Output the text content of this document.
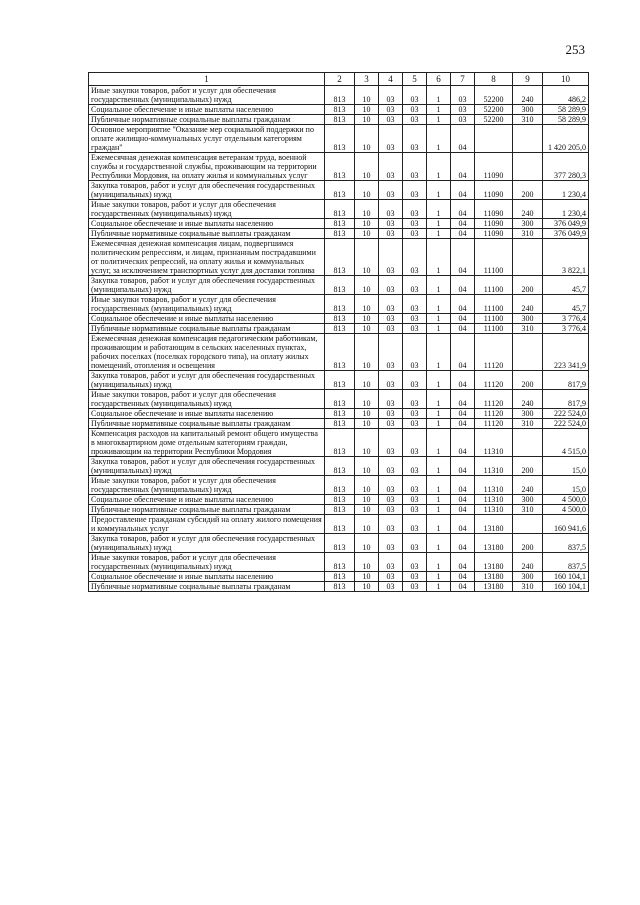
253
1	2	3	4	5	6	7	8	9	10
Иные закупки товаров, работ и услуг для обеспечения государственных (муниципальных) нужд	813	10	03	03	1	03	52200	240	486,2
Социальное обеспечение и иные выплаты населению	813	10	03	03	1	03	52200	300	58 289,9
Публичные нормативные социальные выплаты гражданам	813	10	03	03	1	03	52200	310	58 289,9
Основное мероприятие "Оказание мер социальной поддержки по оплате жилищно-коммунальных услуг отдельным категориям граждан"	813	10	03	03	1	04			1 420 205,0
Ежемесячная денежная компенсация ветеранам труда, военной службы и государственной службы, проживающим на территории Республики Мордовия, на оплату жилья и коммунальных услуг	813	10	03	03	1	04	11090		377 280,3
Закупка товаров, работ и услуг для обеспечения государственных (муниципальных) нужд	813	10	03	03	1	04	11090	200	1 230,4
Иные закупки товаров, работ и услуг для обеспечения государственных (муниципальных) нужд	813	10	03	03	1	04	11090	240	1 230,4
Социальное обеспечение и иные выплаты населению	813	10	03	03	1	04	11090	300	376 049,9
Публичные нормативные социальные выплаты гражданам	813	10	03	03	1	04	11090	310	376 049,9
Ежемесячная денежная компенсация лицам, подвергшимся политическим репрессиям, и лицам, признанным пострадавшими от политических репрессий, на оплату жилья и коммунальных услуг, за исключением транспортных услуг для доставки топлива	813	10	03	03	1	04	11100		3 822,1
Закупка товаров, работ и услуг для обеспечения государственных (муниципальных) нужд	813	10	03	03	1	04	11100	200	45,7
Иные закупки товаров, работ и услуг для обеспечения государственных (муниципальных) нужд	813	10	03	03	1	04	11100	240	45,7
Социальное обеспечение и иные выплаты населению	813	10	03	03	1	04	11100	300	3 776,4
Публичные нормативные социальные выплаты гражданам	813	10	03	03	1	04	11100	310	3 776,4
Ежемесячная денежная компенсация педагогическим работникам, проживающим и работающим в сельских населенных пунктах, рабочих поселках (поселках городского типа), на оплату жилых помещений, отопления и освещения	813	10	03	03	1	04	11120		223 341,9
Закупка товаров, работ и услуг для обеспечения государственных (муниципальных) нужд	813	10	03	03	1	04	11120	200	817,9
Иные закупки товаров, работ и услуг для обеспечения государственных (муниципальных) нужд	813	10	03	03	1	04	11120	240	817,9
Социальное обеспечение и иные выплаты населению	813	10	03	03	1	04	11120	300	222 524,0
Публичные нормативные социальные выплаты гражданам	813	10	03	03	1	04	11120	310	222 524,0
Компенсация расходов на капитальный ремонт общего имущества в многоквартирном доме отдельным категориям граждан, проживающим на территории Республики Мордовия	813	10	03	03	1	04	11310		4 515,0
Закупка товаров, работ и услуг для обеспечения государственных (муниципальных) нужд	813	10	03	03	1	04	11310	200	15,0
Иные закупки товаров, работ и услуг для обеспечения государственных (муниципальных) нужд	813	10	03	03	1	04	11310	240	15,0
Социальное обеспечение и иные выплаты населению	813	10	03	03	1	04	11310	300	4 500,0
Публичные нормативные социальные выплаты гражданам	813	10	03	03	1	04	11310	310	4 500,0
Предоставление гражданам субсидий на оплату жилого помещения и коммунальных услуг	813	10	03	03	1	04	13180		160 941,6
Закупка товаров, работ и услуг для обеспечения государственных (муниципальных) нужд	813	10	03	03	1	04	13180	200	837,5
Иные закупки товаров, работ и услуг для обеспечения государственных (муниципальных) нужд	813	10	03	03	1	04	13180	240	837,5
Социальное обеспечение и иные выплаты населению	813	10	03	03	1	04	13180	300	160 104,1
Публичные нормативные социальные выплаты гражданам	813	10	03	03	1	04	13180	310	160 104,1
